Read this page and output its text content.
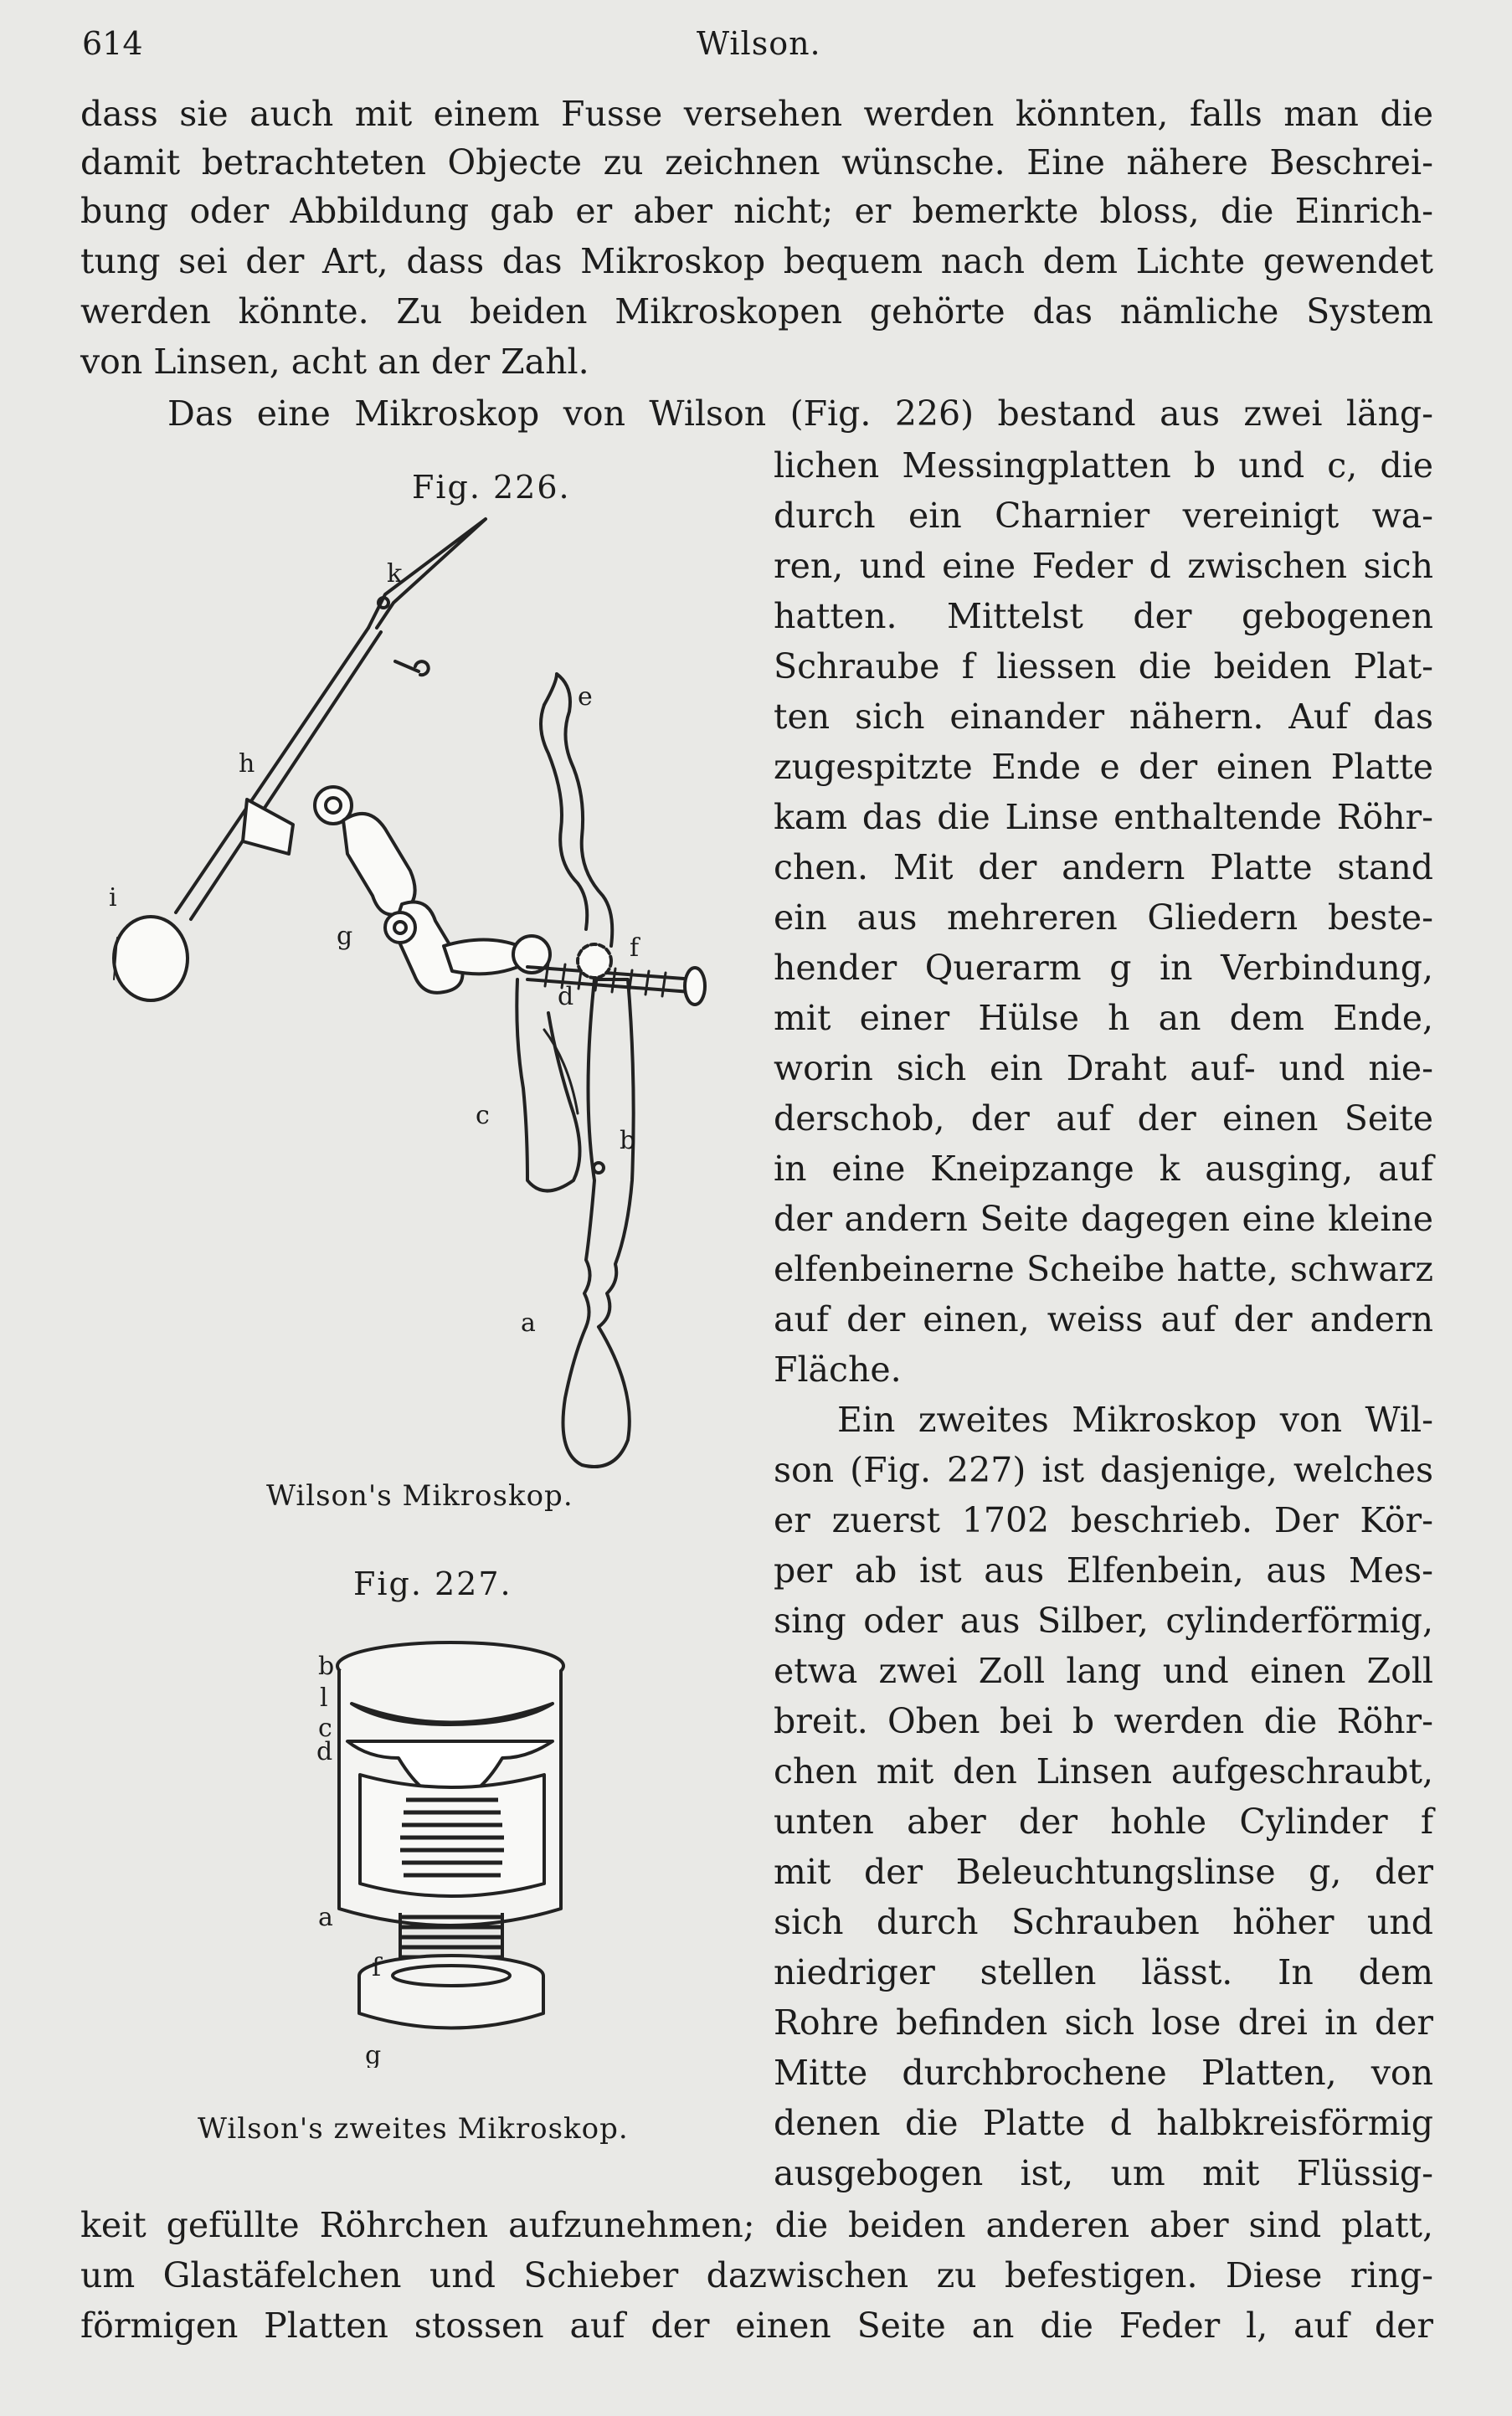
614	Wilson.
dass sie auch mit einem Fusse versehen werden könnten, falls man die
damit betrachteten Objecte zu zeichnen wünsche. Eine nähere Beschrei-
bung oder Abbildung gab er aber nicht; er bemerkte bloss, die Einrich-
tung sei der Art, dass das Mikroskop bequem nach dem Lichte gewendet
werden könnte. Zu beiden Mikroskopen gehörte das nämliche System
von Linsen, acht an der Zahl.
Das eine Mikroskop von Wilson (Fig. 226) bestand aus zwei läng-
lichen Messingplatten b und c, die
durch ein Charnier vereinigt wa-
ren, und eine Feder d zwischen sich
hatten. Mittelst der gebogenen
Schraube f liessen die beiden Plat-
ten sich einander nähern. Auf das
zugespitzte Ende e der einen Platte
kam das die Linse enthaltende Röhr-
chen. Mit der andern Platte stand
ein aus mehreren Gliedern beste-
hender Querarm g in Verbindung,
mit einer Hülse h an dem Ende,
worin sich ein Draht auf- und nie-
derschob, der auf der einen Seite
in eine Kneipzange k ausging, auf
der andern Seite dagegen eine kleine
elfenbeinerne Scheibe hatte, schwarz
auf der einen, weiss auf der andern
Fläche.
Ein zweites Mikroskop von Wil-
son (Fig. 227) ist dasjenige, welches
er zuerst 1702 beschrieb. Der Kör-
per ab ist aus Elfenbein, aus Mes-
sing oder aus Silber, cylinderförmig,
etwa zwei Zoll lang und einen Zoll
breit. Oben bei b werden die Röhr-
chen mit den Linsen aufgeschraubt,
unten aber der hohle Cylinder f
mit der Beleuchtungslinse g, der
sich durch Schrauben höher und
niedriger stellen lässt. In dem
Rohre befinden sich lose drei in der
Mitte durchbrochene Platten, von
denen die Platte d halbkreisförmig
ausgebogen ist, um mit Flüssig-
keit gefüllte Röhrchen aufzunehmen; die beiden anderen aber sind platt,
um Glastäfelchen und Schieber dazwischen zu befestigen. Diese ring-
förmigen Platten stossen auf der einen Seite an die Feder l, auf der
Fig. 226.
k
e
h
i
g	f
d
c
b
a
Wilson's Mikroskop.
Fig. 227.
b
l
c
d
a
f
g
Wilson's zweites Mikroskop.
